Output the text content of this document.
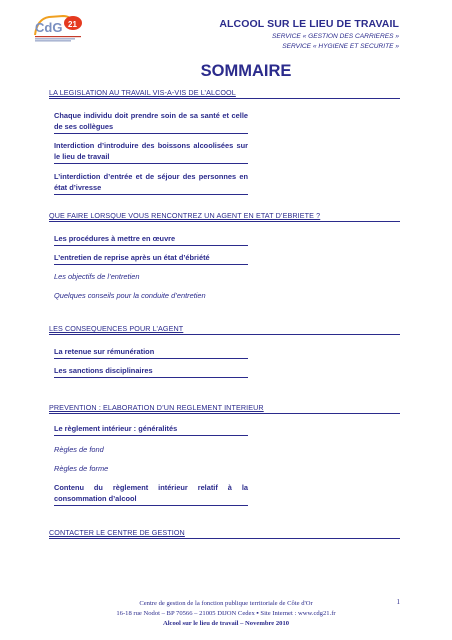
CdG 21	ALCOOL SUR LE LIEU DE TRAVAIL
SERVICE « GESTION DES CARRIERES »
SERVICE « HYGIENE ET SECURITE »
SOMMAIRE
LA LEGISLATION AU TRAVAIL VIS-A-VIS DE L’ALCOOL
Chaque individu doit prendre soin de sa santé et celle de ses collègues
Interdiction d’introduire des boissons alcoolisées sur le lieu de travail
L’interdiction d’entrée et de séjour des personnes en état d’ivresse
QUE FAIRE LORSQUE VOUS RENCONTREZ UN AGENT EN ETAT D’EBRIETE ?
Les procédures à mettre en œuvre
L’entretien de reprise après un état d’ébriété
Les objectifs de l’entretien
Quelques conseils pour la conduite d’entretien
LES CONSEQUENCES POUR L’AGENT
La retenue sur rémunération
Les sanctions disciplinaires
PREVENTION : ELABORATION D’UN REGLEMENT INTERIEUR
Le règlement intérieur : généralités
Règles de fond
Règles de forme
Contenu du règlement intérieur relatif à la consommation d’alcool
CONTACTER LE CENTRE DE GESTION
Centre de gestion de la fonction publique territoriale de Côte d'Or
16-18 rue Nodot – BP 70566 – 21005 DIJON Cedex ▪ Site Internet : www.cdg21.fr
Alcool sur le lieu de travail – Novembre 2010
1
